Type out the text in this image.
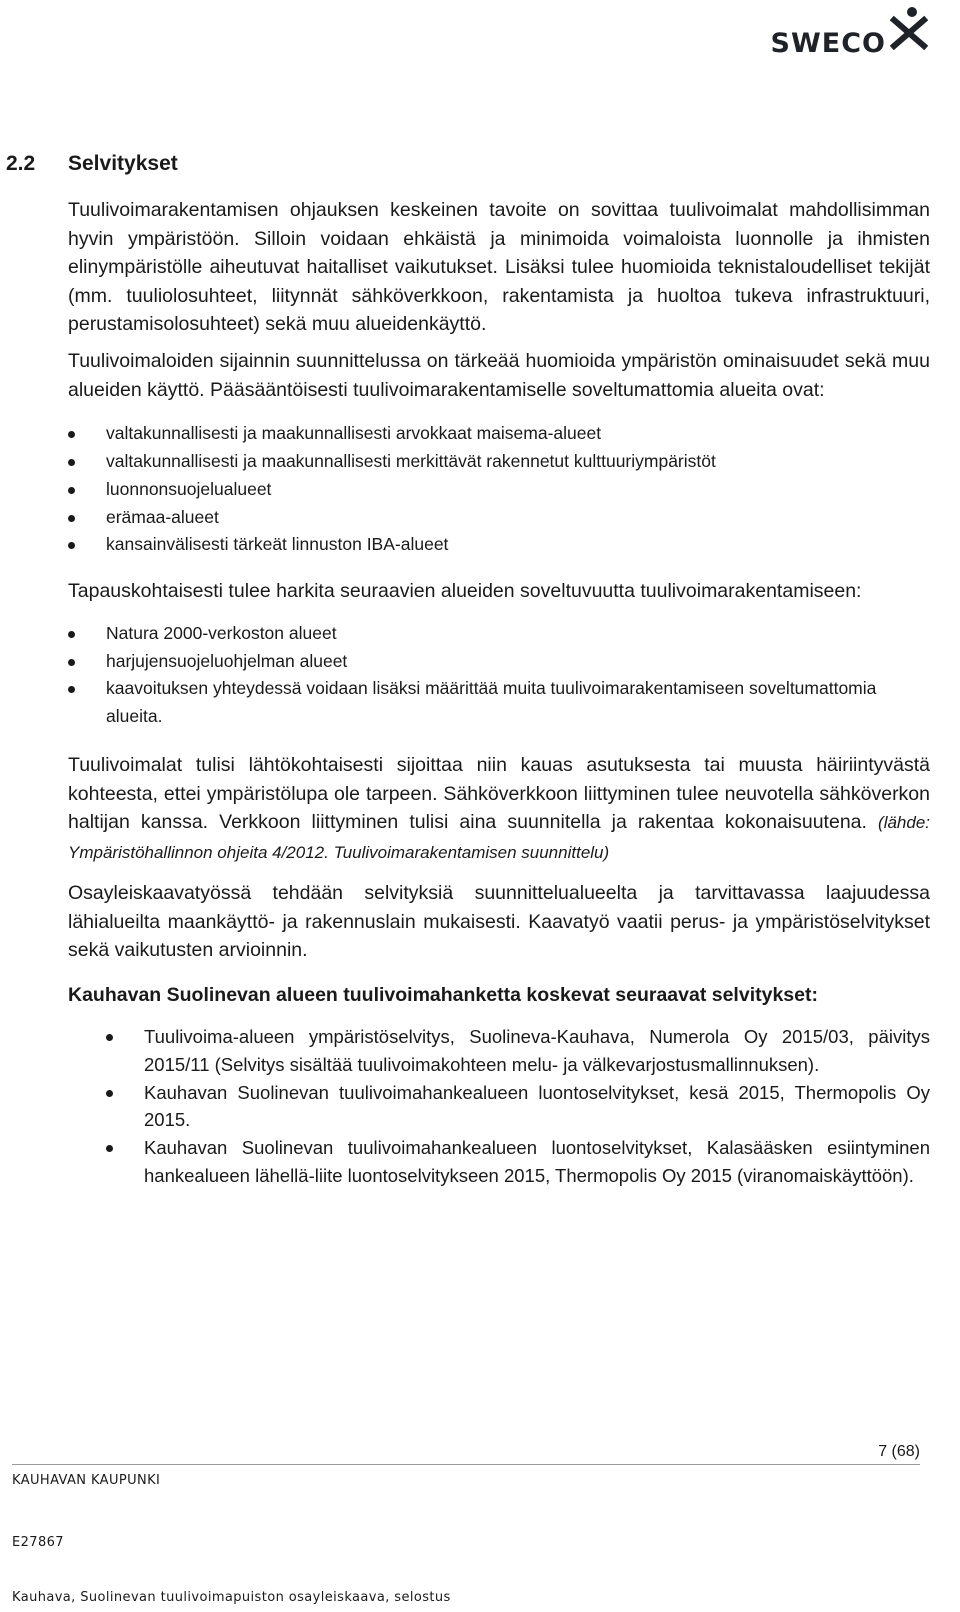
SWECO
2.2 Selvitykset

Tuulivoimarakentamisen ohjauksen keskeinen tavoite on sovittaa tuulivoimalat mahdollisimman hyvin ympäristöön. Silloin voidaan ehkäistä ja minimoida voimaloista luonnolle ja ihmisten elinympäristölle aiheutuvat haitalliset vaikutukset. Lisäksi tulee huomioida teknistaloudelliset tekijät (mm. tuuliolosuhteet, liitynnät sähköverkkoon, rakentamista ja huoltoa tukeva infrastruktuuri, perustamisolosuhteet) sekä muu alueidenkäyttö.

Tuulivoimaloiden sijainnin suunnittelussa on tärkeää huomioida ympäristön ominaisuudet sekä muu alueiden käyttö. Pääsääntöisesti tuulivoimarakentamiselle soveltumattomia alueita ovat:

valtakunnallisesti ja maakunnallisesti arvokkaat maisema-alueet
valtakunnallisesti ja maakunnallisesti merkittävät rakennetut kulttuuriympäristöt
luonnonsuojelualueet
erämaa-alueet
kansainvälisesti tärkeät linnuston IBA-alueet

Tapauskohtaisesti tulee harkita seuraavien alueiden soveltuvuutta tuulivoimarakentamiseen:

Natura 2000-verkoston alueet
harjujensuojeluohjelman alueet
kaavoituksen yhteydessä voidaan lisäksi määrittää muita tuulivoimarakentamiseen soveltumattomia alueita.

Tuulivoimalat tulisi lähtökohtaisesti sijoittaa niin kauas asutuksesta tai muusta häiriintyvästä kohteesta, ettei ympäristölupa ole tarpeen. Sähköverkkoon liittyminen tulee neuvotella sähköverkon haltijan kanssa. Verkkoon liittyminen tulisi aina suunnitella ja rakentaa kokonaisuutena. (lähde: Ympäristöhallinnon ohjeita 4/2012. Tuulivoimarakentamisen suunnittelu)

Osayleiskaavatyössä tehdään selvityksiä suunnittelualueelta ja tarvittavassa laajuudessa lähialueilta maankäyttö- ja rakennuslain mukaisesti. Kaavatyö vaatii perus- ja ympäristöselvitykset sekä vaikutusten arvioinnin.

Kauhavan Suolinevan alueen tuulivoimahanketta koskevat seuraavat selvitykset:

Tuulivoima-alueen ympäristöselvitys, Suolineva-Kauhava, Numerola Oy 2015/03, päivitys 2015/11 (Selvitys sisältää tuulivoimakohteen melu- ja välkevarjostusmallinnuksen).
Kauhavan Suolinevan tuulivoimahankealueen luontoselvitykset, kesä 2015, Thermopolis Oy 2015.
Kauhavan Suolinevan tuulivoimahankealueen luontoselvitykset, Kalasääsken esiintyminen hankealueen lähellä-liite luontoselvitykseen 2015, Thermopolis Oy 2015 (viranomaiskäyttöön).
7 (68)
KAUHAVAN KAUPUNKI
E27867
Kauhava, Suolinevan tuulivoimapuiston osayleiskaava, selostus
